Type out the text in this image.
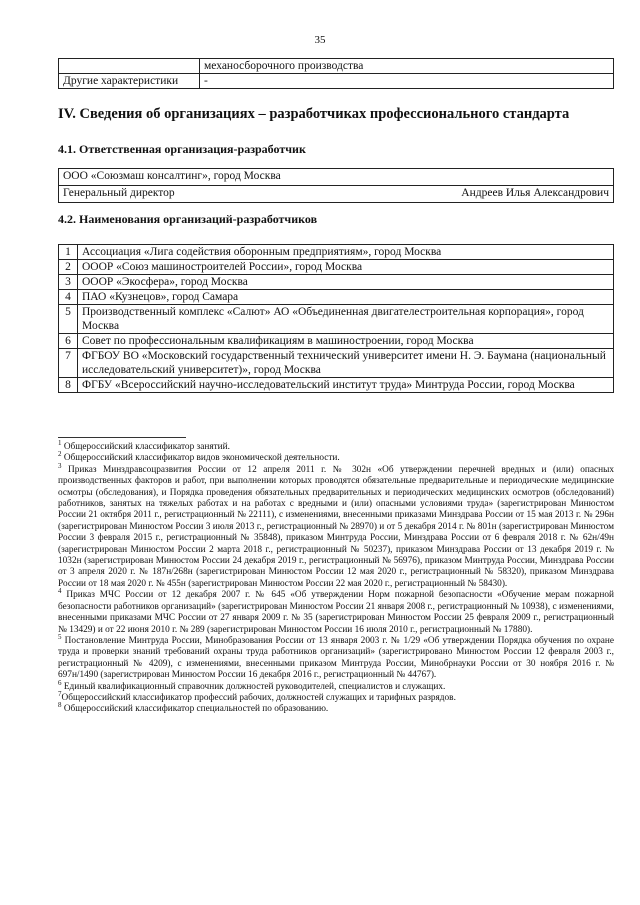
35
	механосборочного производства
Другие характеристики	-
IV. Сведения об организациях – разработчиках профессионального стандарта
4.1. Ответственная организация-разработчик
ООО «Союзмаш консалтинг», город Москва
Генеральный директор	Андреев Илья Александрович
4.2. Наименования организаций-разработчиков
1	Ассоциация «Лига содействия оборонным предприятиям», город Москва
2	ОООР «Союз машиностроителей России», город Москва
3	ОООР «Экосфера», город Москва
4	ПАО «Кузнецов», город Самара
5	Производственный комплекс «Салют» АО «Объединенная двигателестроительная корпорация», город Москва
6	Совет по профессиональным квалификациям в машиностроении, город Москва
7	ФГБОУ ВО «Московский государственный технический университет имени Н. Э. Баумана (национальный исследовательский университет)», город Москва
8	ФГБУ «Всероссийский научно-исследовательский институт труда» Минтруда России, город Москва

$^1$ Общероссийский классификатор занятий.

$^2$ Общероссийский классификатор видов экономической деятельности.

$^3$ Приказ Минздравсоцразвития России от 12 апреля 2011 г. № 302н «Об утверждении перечней вредных и (или) опасных производственных факторов и работ, при выполнении которых проводятся обязательные предварительные и периодические медицинские осмотры (обследования), и Порядка проведения обязательных предварительных и периодических медицинских осмотров (обследований) работников, занятых на тяжелых работах и на работах с вредными и (или) опасными условиями труда» (зарегистрирован Минюстом России 21 октября 2011 г., регистрационный № 22111), с изменениями, внесенными приказами Минздрава России от 15 мая 2013 г. № 296н (зарегистрирован Минюстом России 3 июля 2013 г., регистрационный № 28970) и от 5 декабря 2014 г. № 801н (зарегистрирован Минюстом России 3 февраля 2015 г., регистрационный № 35848), приказом Минтруда России, Минздрава России от 6 февраля 2018 г. № 62н/49н (зарегистрирован Минюстом России 2 марта 2018 г., регистрационный № 50237), приказом Минздрава России от 13 декабря 2019 г. № 1032н (зарегистрирован Минюстом России 24 декабря 2019 г., регистрационный № 56976), приказом Минтруда России, Минздрава России от 3 апреля 2020 г. № 187н/268н (зарегистрирован Минюстом России 12 мая 2020 г., регистрационный № 58320), приказом Минздрава России от 18 мая 2020 г. № 455н (зарегистрирован Минюстом России 22 мая 2020 г., регистрационный № 58430).

$^4$ Приказ МЧС России от 12 декабря 2007 г. № 645 «Об утверждении Норм пожарной безопасности «Обучение мерам пожарной безопасности работников организаций» (зарегистрирован Минюстом России 21 января 2008 г., регистрационный № 10938), с изменениями, внесенными приказами МЧС России от 27 января 2009 г. № 35 (зарегистрирован Минюстом России 25 февраля 2009 г., регистрационный № 13429) и от 22 июня 2010 г. № 289 (зарегистрирован Минюстом России 16 июля 2010 г., регистрационный № 17880).

$^5$ Постановление Минтруда России, Минобразования России от 13 января 2003 г. № 1/29 «Об утверждении Порядка обучения по охране труда и проверки знаний требований охраны труда работников организаций» (зарегистрировано Минюстом России 12 февраля 2003 г., регистрационный № 4209), с изменениями, внесенными приказом Минтруда России, Минобрнауки России от 30 ноября 2016 г. № 697н/1490 (зарегистрирован Минюстом России 16 декабря 2016 г., регистрационный № 44767).

$^6$ Единый квалификационный справочник должностей руководителей, специалистов и служащих.

$^7$Общероссийский классификатор профессий рабочих, должностей служащих и тарифных разрядов.

$^8$ Общероссийский классификатор специальностей по образованию.
